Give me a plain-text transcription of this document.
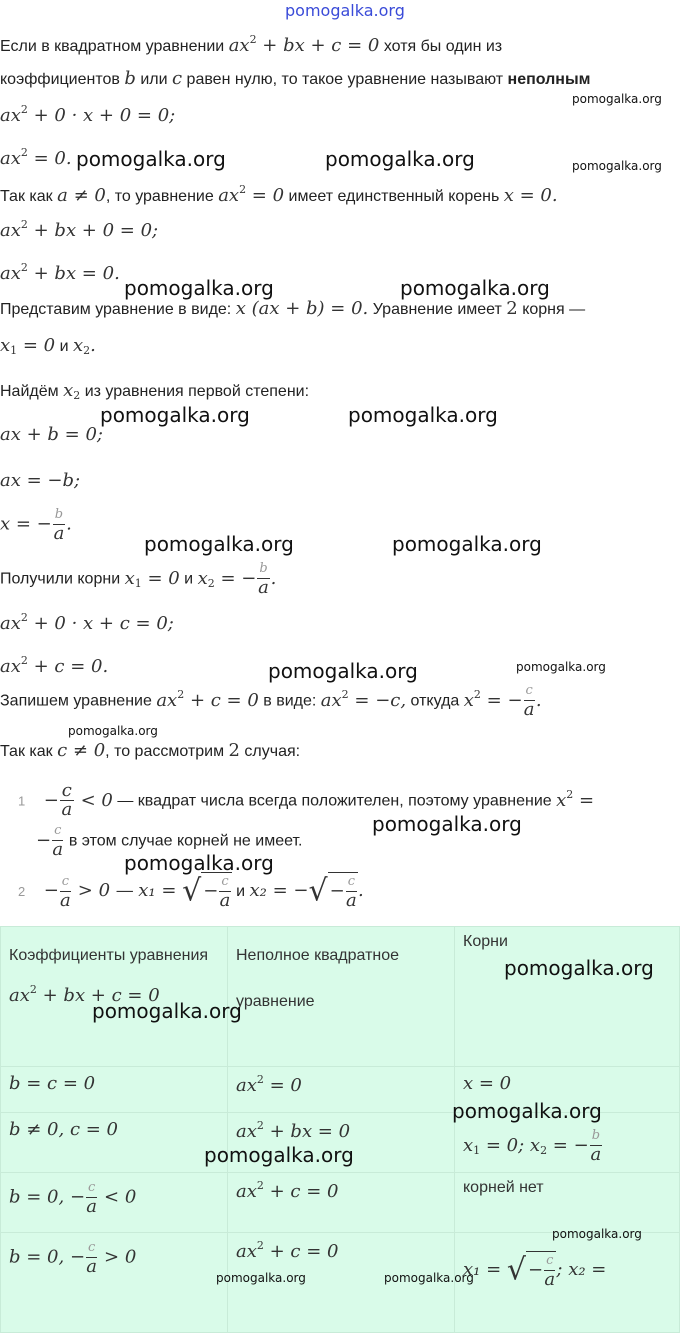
pomogalka.org
Если в квадратном уравнении $ax^2$ + bx + c = 0 хотя бы один из
коэффициентов b или c равен нулю, то такое уравнение называют неполным
$ax^2 + 0 \cdot x + 0 = 0$;
$ax^2 = 0$.
Так как a ≠ 0, то уравнение $ax^2 = 0$ имеет единственный корень x = 0.
$ax^2$ + bx + 0 = 0;
$ax^2$ + bx = 0.
Представим уравнение в виде: x (ax + b) = 0. Уравнение имеет 2 корня —
$x_1 = 0$ и $x_2$.
Найдём $x_2$ из уравнения первой степени:
ax + b = 0;
ax = −b;
x = − $\frac{b}{a}$ .
Получили корни $x_1 = 0$ и $x_2$ = − $\frac{b}{a}$ .
$ax^2 + 0 \cdot x + c = 0$;
$ax^2 + c = 0$.
Запишем уравнение $ax^2 + c = 0$ в виде: $ax^2 = -c$, откуда $x^2$ = − $\frac{c}{a}$ .
Так как c ≠ 0, то рассмотрим 2 случая:
$1 - \frac{c}{a} < 0$ — квадрат числа всегда положителен, поэтому уравнение $x^2$ =
− $\frac{c}{a}$ в этом случае корней не имеет.
$2 - \frac{c}{a} > 0$ — x₁ = √ − $\frac{c}{a}$ и x₂ = −√ − $\frac{c}{a}$ .
Коэффициенты уравнения
$ax^2$ + bx + c = 0	Неполное квадратное уравнение	Корни

b = c = 0	$ax^2 = 0$	x = 0
b ≠ 0, c = 0	$ax^2$ + bx = 0	$x_1 = 0$; $x_2$ = − $\frac{b}{a}$

b = 0, − $\frac{c}{a} < 0$	$ax^2 + c = 0$	корней нет
b = 0, − $\frac{c}{a} > 0$	$ax^2 + c = 0$	x₁ = √ − $\frac{c}{a}$ ; x₂ =
pomogalka.org	pomogalka.org
pomogalka.org
pomogalka.org
pomogalka.org	pomogalka.org
pomogalka.org	pomogalka.org
pomogalka.org	pomogalka.org
pomogalka.org	pomogalka.org
pomogalka.org
pomogalka.org
pomogalka.org
pomogalka.org
pomogalka.org
pomogalka.org
pomogalka.org
pomogalka.org
pomogalka.org	pomogalka.org
